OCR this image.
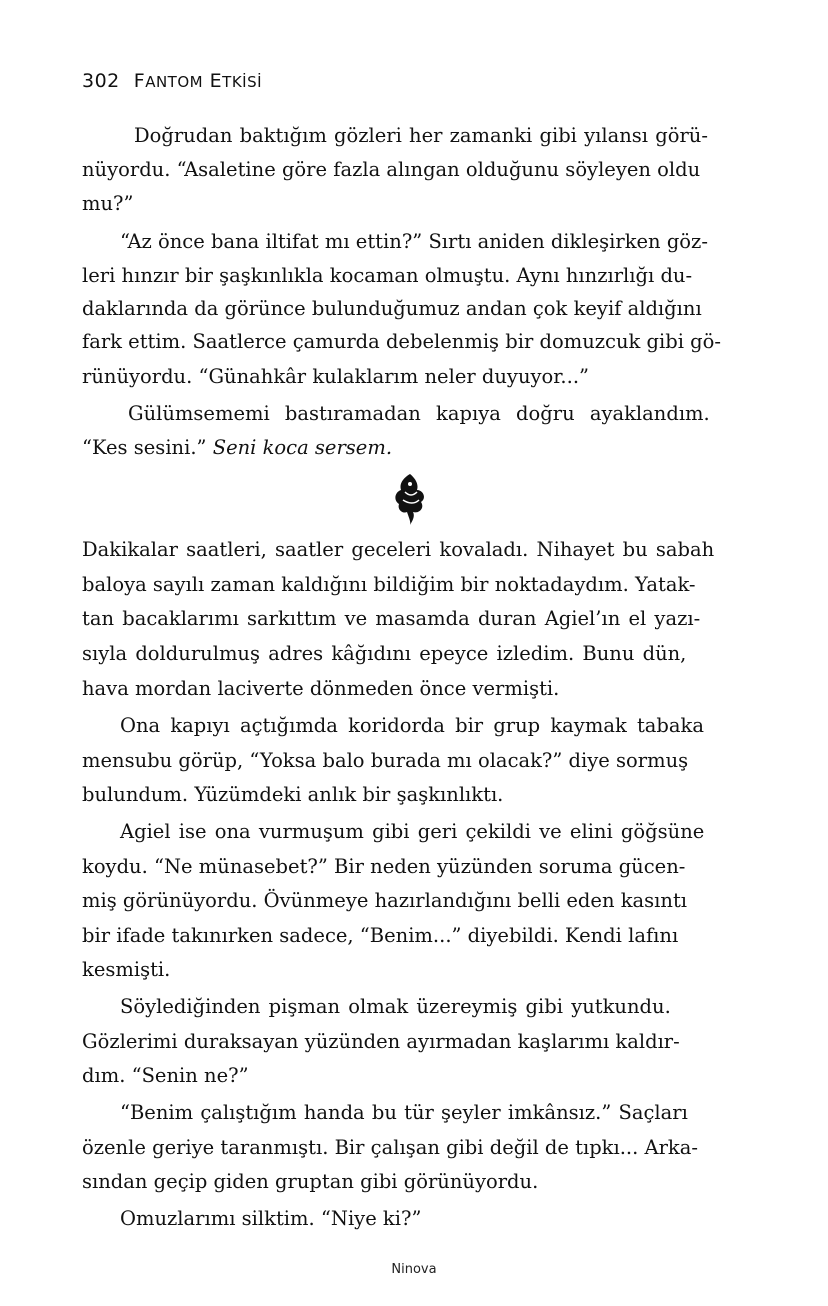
302 FANTOM ETKİSİ
Doğrudan baktığım gözleri her zamanki gibi yılansı görü-
nüyordu. “Asaletine göre fazla alıngan olduğunu söyleyen oldu
mu?”
“Az önce bana iltifat mı ettin?” Sırtı aniden dikleşirken göz-
leri hınzır bir şaşkınlıkla kocaman olmuştu. Aynı hınzırlığı du-
daklarında da görünce bulunduğumuz andan çok keyif aldığını
fark ettim. Saatlerce çamurda debelenmiş bir domuzcuk gibi gö-
rünüyordu. “Günahkâr kulaklarım neler duyuyor...”
Gülümsememi bastıramadan kapıya doğru ayaklandım.
“Kes sesini.” Seni koca sersem.
Dakikalar saatleri, saatler geceleri kovaladı. Nihayet bu sabah
baloya sayılı zaman kaldığını bildiğim bir noktadaydım. Yatak-
tan bacaklarımı sarkıttım ve masamda duran Agiel’ın el yazı-
sıyla doldurulmuş adres kâğıdını epeyce izledim. Bunu dün,
hava mordan laciverte dönmeden önce vermişti.
Ona kapıyı açtığımda koridorda bir grup kaymak tabaka
mensubu görüp, “Yoksa balo burada mı olacak?” diye sormuş
bulundum. Yüzümdeki anlık bir şaşkınlıktı.
Agiel ise ona vurmuşum gibi geri çekildi ve elini göğsüne
koydu. “Ne münasebet?” Bir neden yüzünden soruma gücen-
miş görünüyordu. Övünmeye hazırlandığını belli eden kasıntı
bir ifade takınırken sadece, “Benim...” diyebildi. Kendi lafını
kesmişti.
Söylediğinden pişman olmak üzereymiş gibi yutkundu.
Gözlerimi duraksayan yüzünden ayırmadan kaşlarımı kaldır-
dım. “Senin ne?”
“Benim çalıştığım handa bu tür şeyler imkânsız.” Saçları
özenle geriye taranmıştı. Bir çalışan gibi değil de tıpkı... Arka-
sından geçip giden gruptan gibi görünüyordu.
Omuzlarımı silktim. “Niye ki?”
Ninova
